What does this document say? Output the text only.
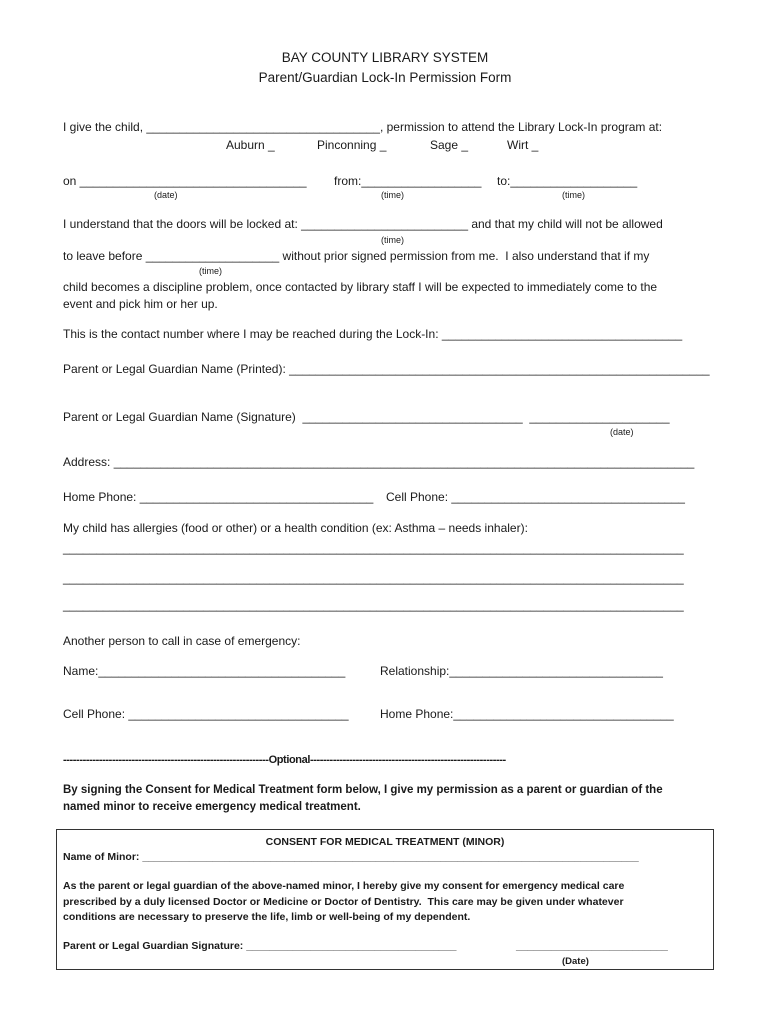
BAY COUNTY LIBRARY SYSTEM
Parent/Guardian Lock-In Permission Form
I give the child, ___________________________________, permission to attend the Library Lock-In program at:
Auburn _	Pinconning _	Sage _	Wirt _
on __________________________________
(date)
from:__________________
(time)
to:___________________
(time)
I understand that the doors will be locked at: _________________________ and that my child will not be allowed
(time)
to leave before ____________________ without prior signed permission from me.  I also understand that if my
(time)
child becomes a discipline problem, once contacted by library staff I will be expected to immediately come to the
event and pick him or her up.
This is the contact number where I may be reached during the Lock-In: ____________________________________
Parent or Legal Guardian Name (Printed): _______________________________________________________________
Parent or Legal Guardian Name (Signature)  _________________________________  _____________________
(date)
Address: _______________________________________________________________________________________
Home Phone: ___________________________________ Cell Phone: ___________________________________
My child has allergies (food or other) or a health condition (ex: Asthma – needs inhaler):
_____________________________________________________________________________________________
_____________________________________________________________________________________________
_____________________________________________________________________________________________
Another person to call in case of emergency:
Name:_____________________________________	Relationship:________________________________
Cell Phone: _________________________________	Home Phone:_________________________________
---------------------------------------------------------------Optional------------------------------------------------------------
By signing the Consent for Medical Treatment form below, I give my permission as a parent or guardian of the
named minor to receive emergency medical treatment.
CONSENT FOR MEDICAL TREATMENT (MINOR)
Name of Minor: _____________________________________________________________________________________
As the parent or legal guardian of the above-named minor, I hereby give my consent for emergency medical care
prescribed by a duly licensed Doctor or Medicine or Doctor of Dentistry.  This care may be given under whatever
conditions are necessary to preserve the life, limb or well-being of my dependent.
Parent or Legal Guardian Signature: ____________________________________	__________________________
(Date)
